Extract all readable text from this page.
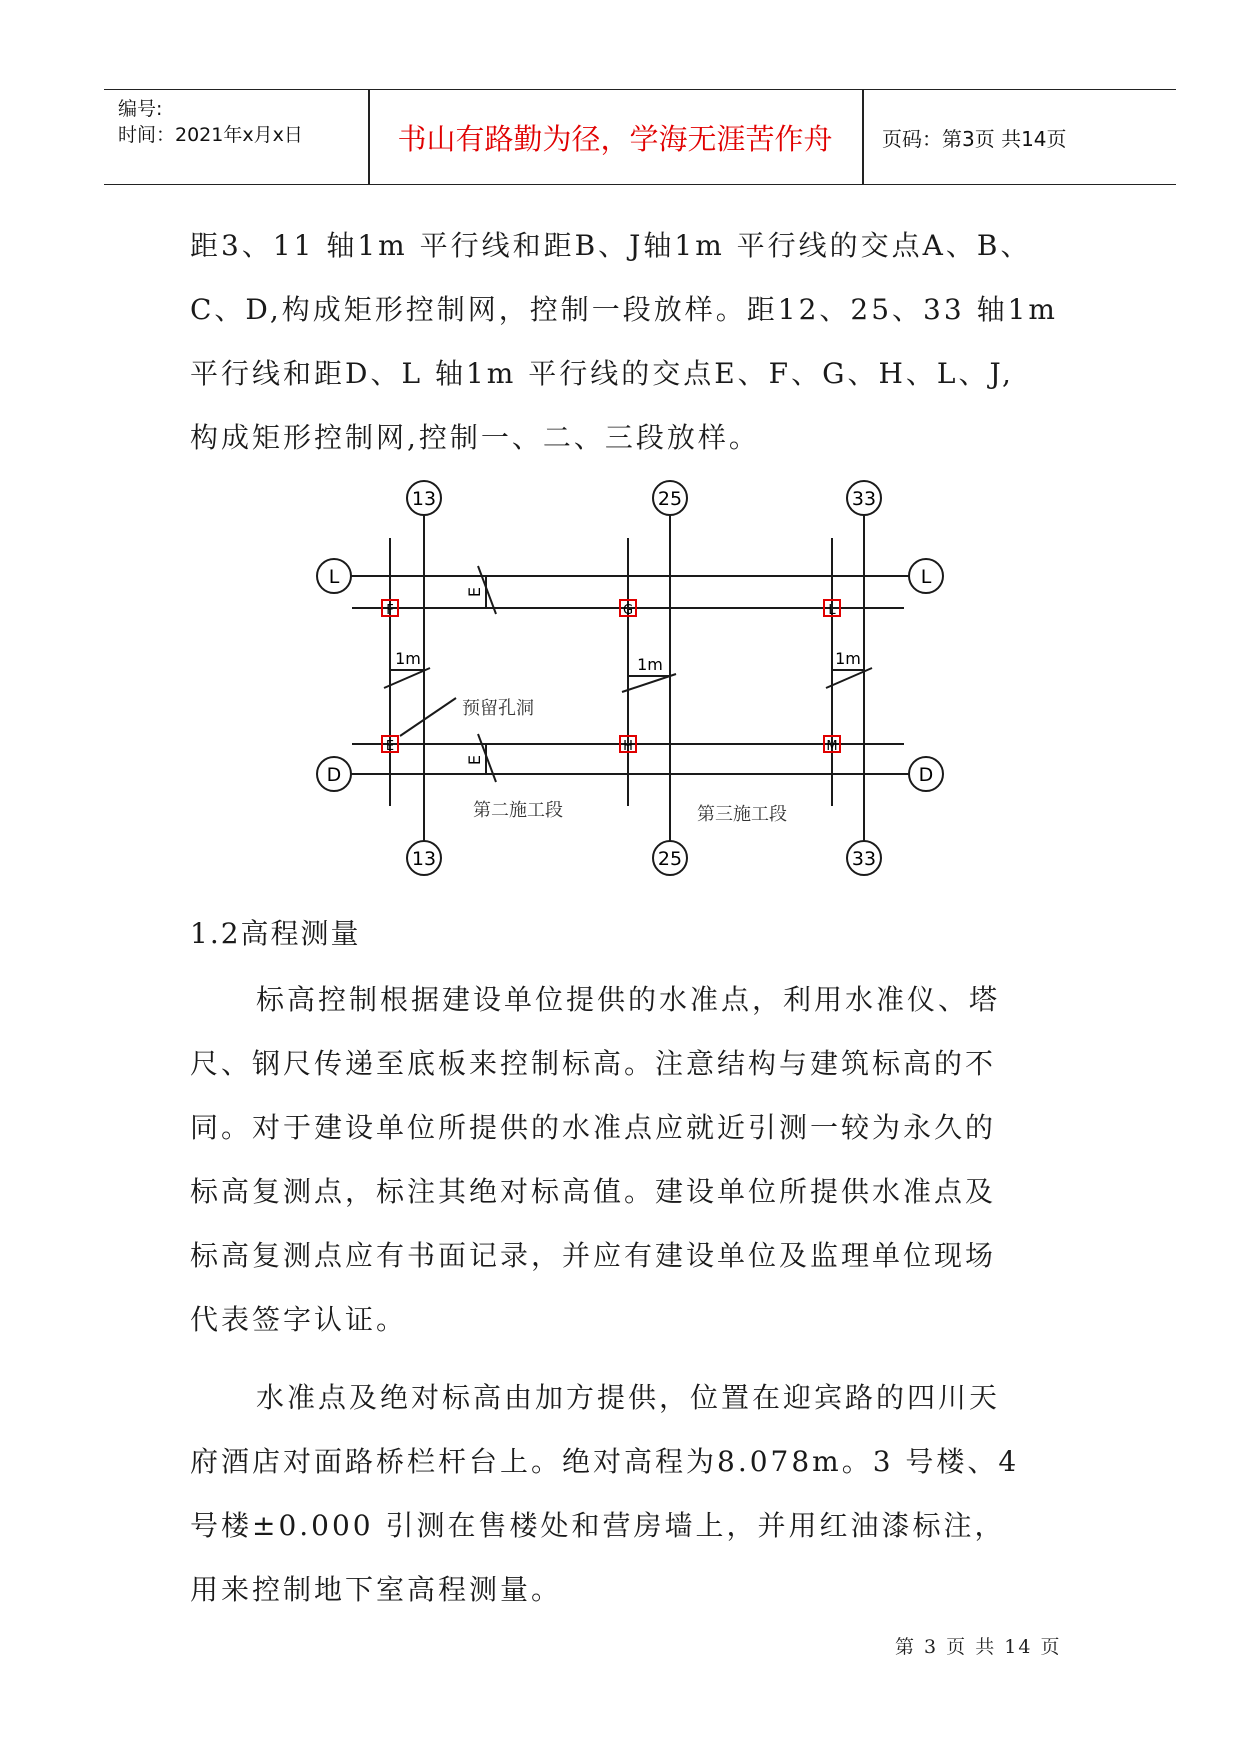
编号:
时间：2021年x月x日	书山有路勤为径，学海无涯苦作舟	页码：第3页 共14页
距3、11 轴1m 平行线和距B、J轴1m 平行线的交点A、B、
C、D,构成矩形控制网，控制一段放样。距12、25、33 轴1m
平行线和距D、L 轴1m 平行线的交点E、F、G、H、L、J,
构成矩形控制网,控制一、二、三段放样。
13	25	33
13	25	33
L
D
L
D
F	G	L
E	H	M
1m	1m	1m
E
E
预留孔洞
第二施工段	第三施工段
1.2高程测量
标高控制根据建设单位提供的水准点，利用水准仪、塔
尺、钢尺传递至底板来控制标高。注意结构与建筑标高的不
同。对于建设单位所提供的水准点应就近引测一较为永久的
标高复测点，标注其绝对标高值。建设单位所提供水准点及
标高复测点应有书面记录，并应有建设单位及监理单位现场
代表签字认证。
水准点及绝对标高由加方提供，位置在迎宾路的四川天
府酒店对面路桥栏杆台上。绝对高程为8.078m。3 号楼、4
号楼±0.000 引测在售楼处和营房墙上，并用红油漆标注，
用来控制地下室高程测量。
第 3 页 共 14 页
